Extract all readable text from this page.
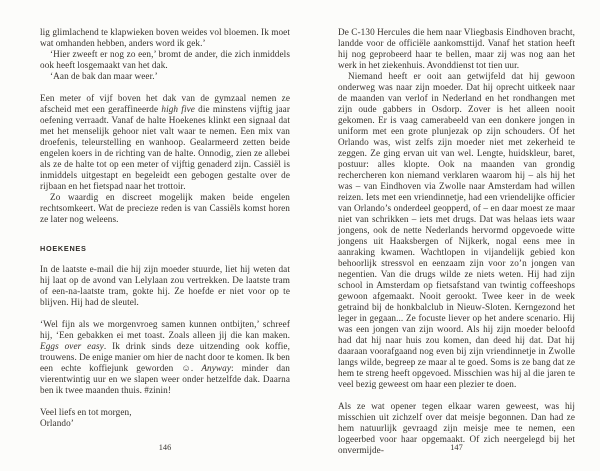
lig glimlachend te klapwieken boven weides vol bloemen. Ik moet wat omhanden hebben, anders word ik gek.’

‘Hier zweeft er nog zo een,’ bromt de ander, die zich inmiddels ook heeft losgemaakt van het dak.

‘Aan de bak dan maar weer.’

Een meter of vijf boven het dak van de gymzaal nemen ze afscheid met een geraffineerde high five die minstens vijftig jaar oefening verraadt. Vanaf de halte Hoekenes klinkt een signaal dat met het menselijk gehoor niet valt waar te nemen. Een mix van droefenis, teleurstelling en wanhoop. Gealarmeerd zetten beide engelen koers in de richting van de halte. Onnodig, zien ze allebei als ze de halte tot op een meter of vijftig genaderd zijn. Cassiël is inmiddels uitgestapt en begeleidt een gebogen gestalte over de rijbaan en het fietspad naar het trottoir.

Zo waardig en discreet mogelijk maken beide engelen rechtsomkeert. Wat de precieze reden is van Cassiëls komst horen ze later nog weleens.

HOEKENES

In de laatste e-mail die hij zijn moeder stuurde, liet hij weten dat hij laat op de avond van Lelylaan zou vertrekken. De laatste tram of een-na-laatste tram, gokte hij. Ze hoefde er niet voor op te blijven. Hij had de sleutel.

‘Wel fijn als we morgenvroeg samen kunnen ontbijten,’ schreef hij, ‘Een gebakken ei met toast. Zoals alleen jij die kan maken. Eggs over easy. Ik drink sinds deze uitzending ook koffie, trouwens. De enige manier om hier de nacht door te komen. Ik ben een echte koffiejunk geworden ☺. Anyway: minder dan vierentwintig uur en we slapen weer onder hetzelfde dak. Daarna ben ik twee maanden thuis. #zinin!

Veel liefs en tot morgen,

Orlando’

146

De C-130 Hercules die hem naar Vliegbasis Eindhoven bracht, landde voor de officiële aankomsttijd. Vanaf het station heeft hij nog geprobeerd haar te bellen, maar zij was nog aan het werk in het ziekenhuis. Avonddienst tot tien uur.

Niemand heeft er ooit aan getwijfeld dat hij gewoon onderweg was naar zijn moeder. Dat hij oprecht uitkeek naar de maanden van verlof in Nederland en het rondhangen met zijn oude gabbers in Osdorp. Zover is het alleen nooit gekomen. Er is vaag camerabeeld van een donkere jongen in uniform met een grote plunjezak op zijn schouders. Of het Orlando was, wist zelfs zijn moeder niet met zekerheid te zeggen. Ze ging ervan uit van wel. Lengte, huidskleur, baret, postuur: alles klopte. Ook na maanden van grondig rechercheren kon niemand verklaren waarom hij – als hij het was – van Eindhoven via Zwolle naar Amsterdam had willen reizen. Iets met een vriendinnetje, had een vriendelijke officier van Orlando’s onderdeel geopperd, of – en daar moest ze maar niet van schrikken – iets met drugs. Dat was helaas iets waar jongens, ook de nette Nederlands hervormd opgevoede witte jongens uit Haaksbergen of Nijkerk, nogal eens mee in aanraking kwamen. Wachtlopen in vijandelijk gebied kon behoorlijk stressvol en eenzaam zijn voor zo’n jongen van negentien. Van die drugs wilde ze niets weten. Hij had zijn school in Amsterdam op fietsafstand van twintig coffeeshops gewoon afgemaakt. Nooit gerookt. Twee keer in de week getraind bij de honkbalclub in Nieuw-Sloten. Kerngezond het leger in gegaan... Ze focuste liever op het andere scenario. Hij was een jongen van zijn woord. Als hij zijn moeder beloofd had dat hij naar huis zou komen, dan deed hij dat. Dat hij daaraan voorafgaand nog even bij zijn vriendinnetje in Zwolle langs wilde, begreep ze maar al te goed. Soms is ze bang dat ze hem te streng heeft opgevoed. Misschien was hij al die jaren te veel bezig geweest om haar een plezier te doen.

Als ze wat opener tegen elkaar waren geweest, was hij misschien uit zichzelf over dat meisje begonnen. Dan had ze hem natuurlijk gevraagd zijn meisje mee te nemen, een logeerbed voor haar opgemaakt. Of zich neergelegd bij het onvermijde-	147
